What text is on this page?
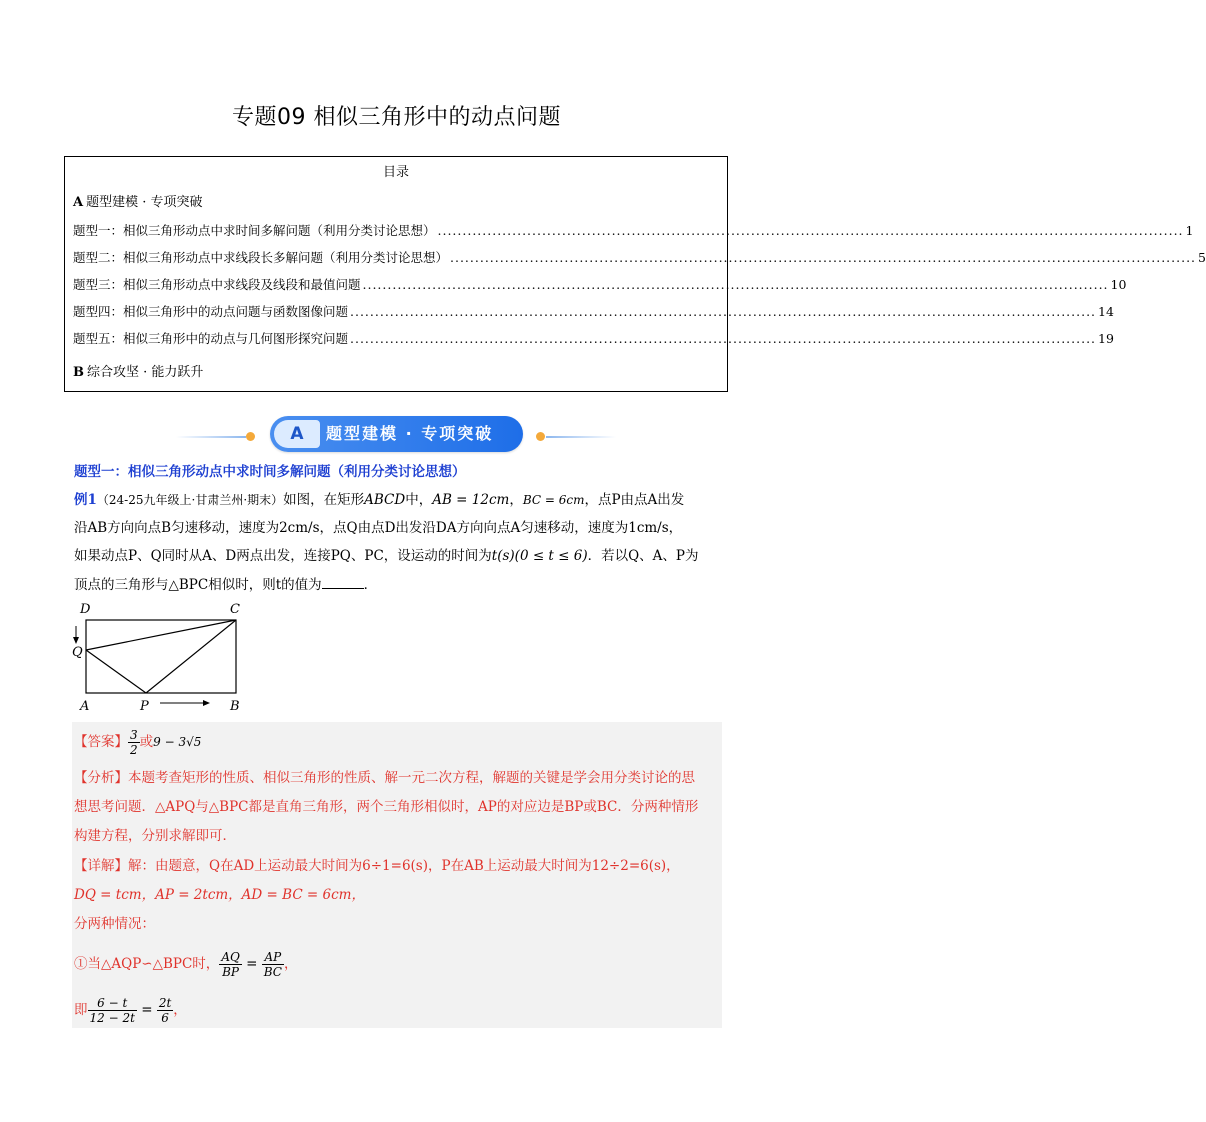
专题09 相似三角形中的动点问题
目录
A 题型建模 · 专项突破
题型一：相似三角形动点中求时间多解问题（利用分类讨论思想） ...................................................................................................................................................... 1
题型二：相似三角形动点中求线段长多解问题（利用分类讨论思想） ...................................................................................................................................................... 5
题型三：相似三角形动点中求线段及线段和最值问题 ...................................................................................................................................................... 10
题型四：相似三角形中的动点问题与函数图像问题 ...................................................................................................................................................... 14
题型五：相似三角形中的动点与几何图形探究问题 ...................................................................................................................................................... 19
B 综合攻坚 · 能力跃升
A	题型建模 · 专项突破
题型一：相似三角形动点中求时间多解问题（利用分类讨论思想）
例1（24-25九年级上·甘肃兰州·期末）如图，在矩形ABCD中，AB = 12cm，BC = 6cm，点P由点A出发
沿AB方向向点B匀速移动，速度为2cm/s，点Q由点D出发沿DA方向向点A匀速移动，速度为1cm/s，
如果动点P、Q同时从A、D两点出发，连接PQ、PC，设运动的时间为t(s)(0 ≤ t ≤ 6)．若以Q、A、P为
顶点的三角形与△BPC相似时，则t的值为	．
D	C
Q
A	P	B
【答案】 $\frac{3}{2}$ 或9 − 3√5
【分析】本题考查矩形的性质、相似三角形的性质、解一元二次方程，解题的关键是学会用分类讨论的思
想思考问题．△APQ与△BPC都是直角三角形，两个三角形相似时，AP的对应边是BP或BC．分两种情形
构建方程，分别求解即可．
【详解】解：由题意，Q在AD上运动最大时间为6÷1=6(s)，P在AB上运动最大时间为12÷2=6(s)，
DQ = tcm，AP = 2tcm，AD = BC = 6cm，
分两种情况：
①当△AQP∽△BPC时， $\frac{AQ}{BP} = \frac{AP}{BC}$ ，
即 $\frac{6 - t}{12 - 2t} = \frac{2t}{6}$ ，
